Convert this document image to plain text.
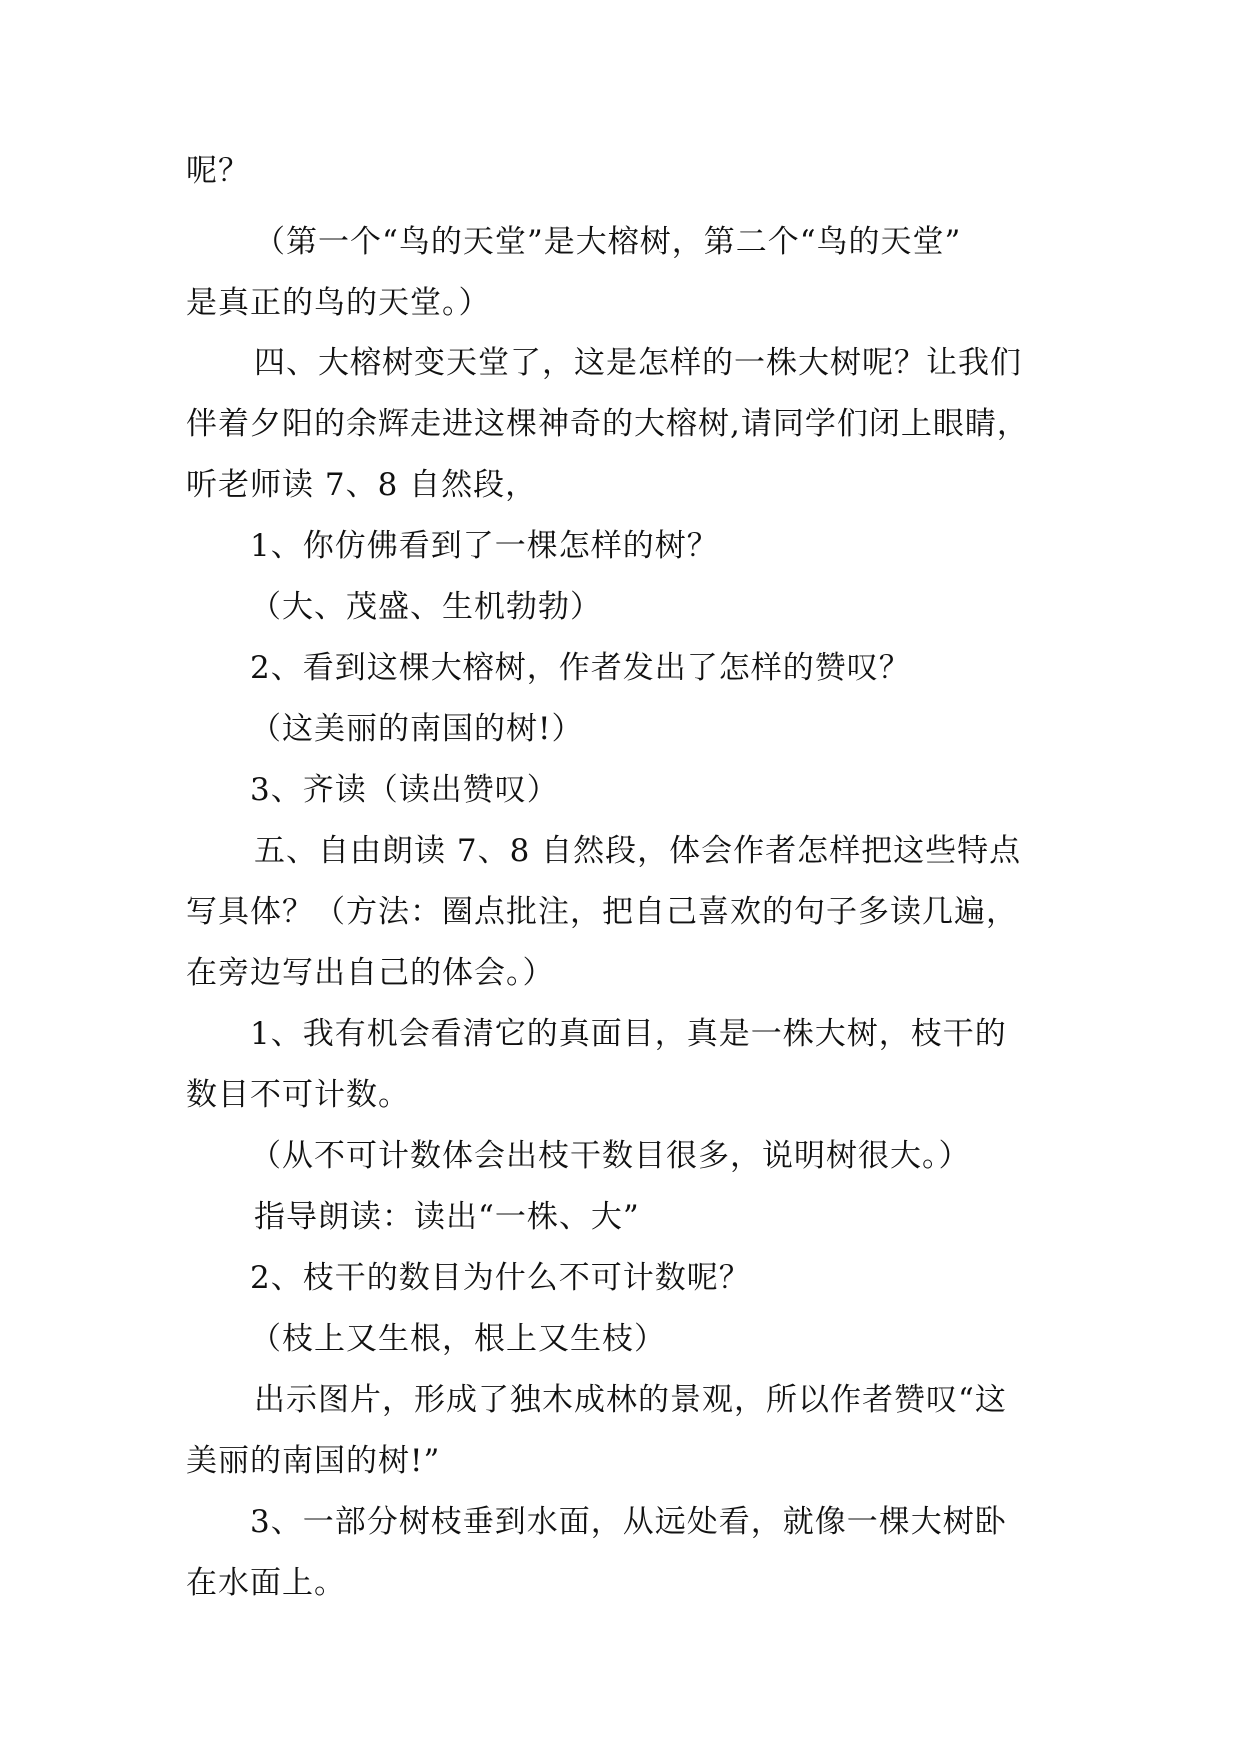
呢？
（第一个“鸟的天堂”是大榕树，第二个“鸟的天堂”
是真正的鸟的天堂。）
四、大榕树变天堂了，这是怎样的一株大树呢？让我们
伴着夕阳的余辉走进这棵神奇的大榕树,请同学们闭上眼睛，
听老师读 7、8 自然段，
1、你仿佛看到了一棵怎样的树？
（大、茂盛、生机勃勃）
2、看到这棵大榕树，作者发出了怎样的赞叹？
（这美丽的南国的树!）
3、齐读（读出赞叹）
五、自由朗读 7、8 自然段，体会作者怎样把这些特点
写具体？（方法：圈点批注，把自己喜欢的句子多读几遍，
在旁边写出自己的体会。）
1、我有机会看清它的真面目，真是一株大树，枝干的
数目不可计数。
（从不可计数体会出枝干数目很多，说明树很大。）
指导朗读：读出“一株、大”
2、枝干的数目为什么不可计数呢？
（枝上又生根，根上又生枝）
出示图片，形成了独木成林的景观，所以作者赞叹“这
美丽的南国的树!”
3、一部分树枝垂到水面，从远处看，就像一棵大树卧
在水面上。
